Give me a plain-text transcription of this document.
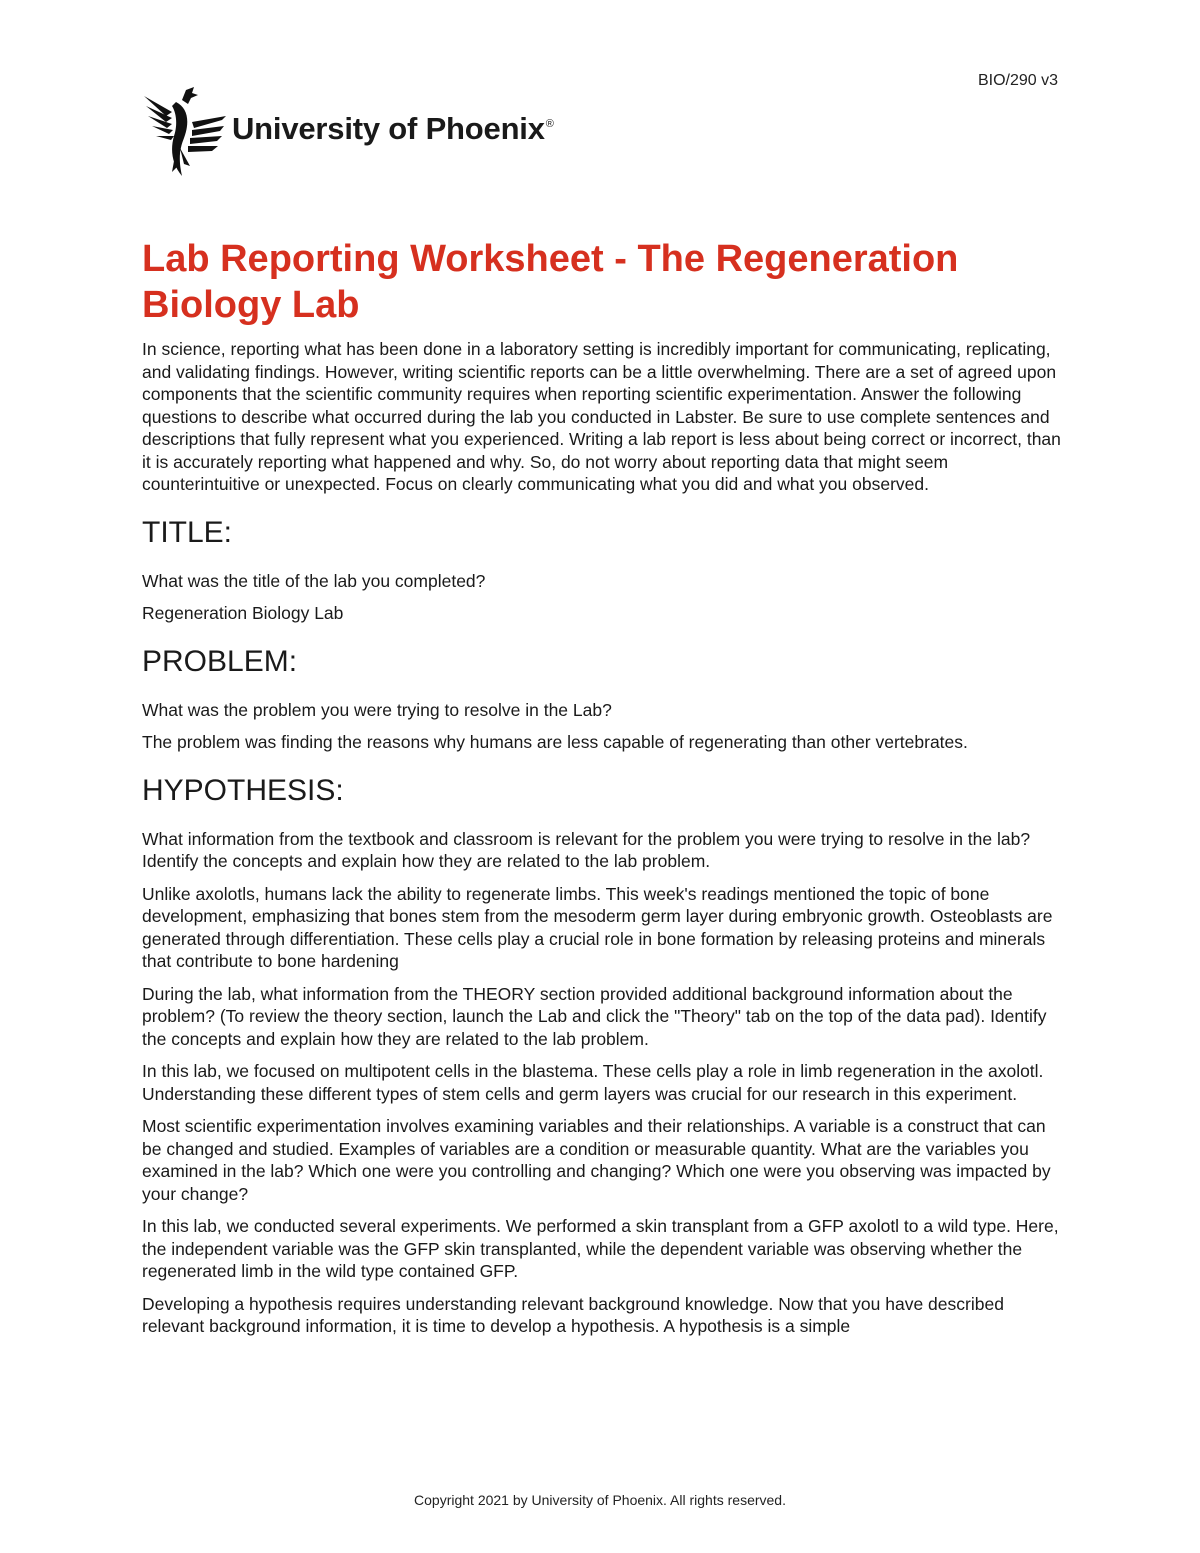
BIO/290 v3
University of Phoenix®
Lab Reporting Worksheet - The Regeneration Biology Lab

In science, reporting what has been done in a laboratory setting is incredibly important for communicating, replicating, and validating findings. However, writing scientific reports can be a little overwhelming. There are a set of agreed upon components that the scientific community requires when reporting scientific experimentation. Answer the following questions to describe what occurred during the lab you conducted in Labster. Be sure to use complete sentences and descriptions that fully represent what you experienced. Writing a lab report is less about being correct or incorrect, than it is accurately reporting what happened and why. So, do not worry about reporting data that might seem counterintuitive or unexpected. Focus on clearly communicating what you did and what you observed.

TITLE:

What was the title of the lab you completed?

Regeneration Biology Lab

PROBLEM:

What was the problem you were trying to resolve in the Lab?

The problem was finding the reasons why humans are less capable of regenerating than other vertebrates.

HYPOTHESIS:

What information from the textbook and classroom is relevant for the problem you were trying to resolve in the lab? Identify the concepts and explain how they are related to the lab problem.

Unlike axolotls, humans lack the ability to regenerate limbs. This week's readings mentioned the topic of bone development, emphasizing that bones stem from the mesoderm germ layer during embryonic growth. Osteoblasts are generated through differentiation. These cells play a crucial role in bone formation by releasing proteins and minerals that contribute to bone hardening

During the lab, what information from the THEORY section provided additional background information about the problem? (To review the theory section, launch the Lab and click the "Theory" tab on the top of the data pad). Identify the concepts and explain how they are related to the lab problem.

In this lab, we focused on multipotent cells in the blastema. These cells play a role in limb regeneration in the axolotl. Understanding these different types of stem cells and germ layers was crucial for our research in this experiment.

Most scientific experimentation involves examining variables and their relationships. A variable is a construct that can be changed and studied. Examples of variables are a condition or measurable quantity. What are the variables you examined in the lab? Which one were you controlling and changing? Which one were you observing was impacted by your change?

In this lab, we conducted several experiments. We performed a skin transplant from a GFP axolotl to a wild type. Here, the independent variable was the GFP skin transplanted, while the dependent variable was observing whether the regenerated limb in the wild type contained GFP.

Developing a hypothesis requires understanding relevant background knowledge. Now that you have described relevant background information, it is time to develop a hypothesis. A hypothesis is a simple

Copyright 2021 by University of Phoenix. All rights reserved.
